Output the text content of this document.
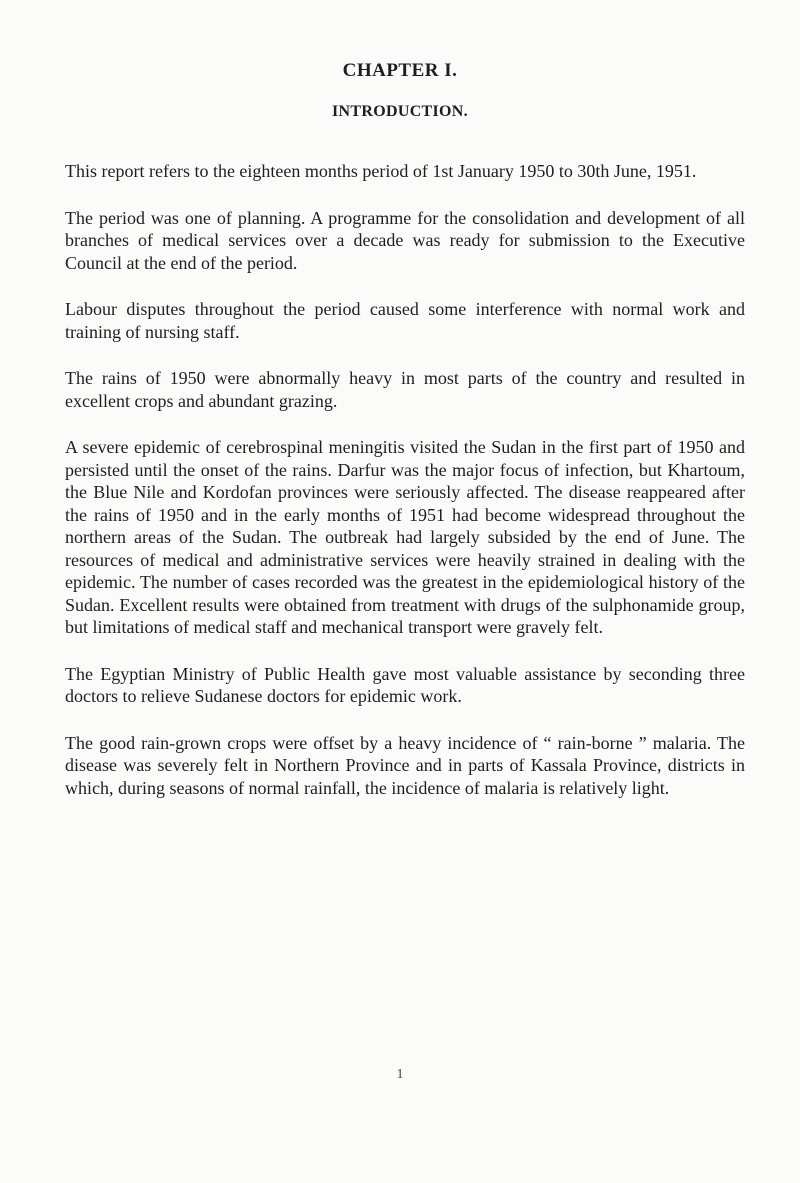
CHAPTER I.
INTRODUCTION.

This report refers to the eighteen months period of 1st January 1950 to 30th June, 1951.

The period was one of planning. A programme for the consolidation and development of all branches of medical services over a decade was ready for submission to the Executive Council at the end of the period.

Labour disputes throughout the period caused some interference with normal work and training of nursing staff.

The rains of 1950 were abnormally heavy in most parts of the country and resulted in excellent crops and abundant grazing.

A severe epidemic of cerebrospinal meningitis visited the Sudan in the first part of 1950 and persisted until the onset of the rains. Darfur was the major focus of infection, but Khartoum, the Blue Nile and Kordofan provinces were seriously affected. The disease reappeared after the rains of 1950 and in the early months of 1951 had become widespread throughout the northern areas of the Sudan. The outbreak had largely subsided by the end of June. The resources of medical and administrative services were heavily strained in dealing with the epidemic. The number of cases recorded was the greatest in the epidemiological history of the Sudan. Excellent results were obtained from treatment with drugs of the sulphonamide group, but limitations of medical staff and mechanical transport were gravely felt.

The Egyptian Ministry of Public Health gave most valuable assistance by seconding three doctors to relieve Sudanese doctors for epidemic work.

The good rain-grown crops were offset by a heavy incidence of “ rain-borne ” malaria. The disease was severely felt in Northern Province and in parts of Kassala Province, districts in which, during seasons of normal rainfall, the incidence of malaria is relatively light.

1
